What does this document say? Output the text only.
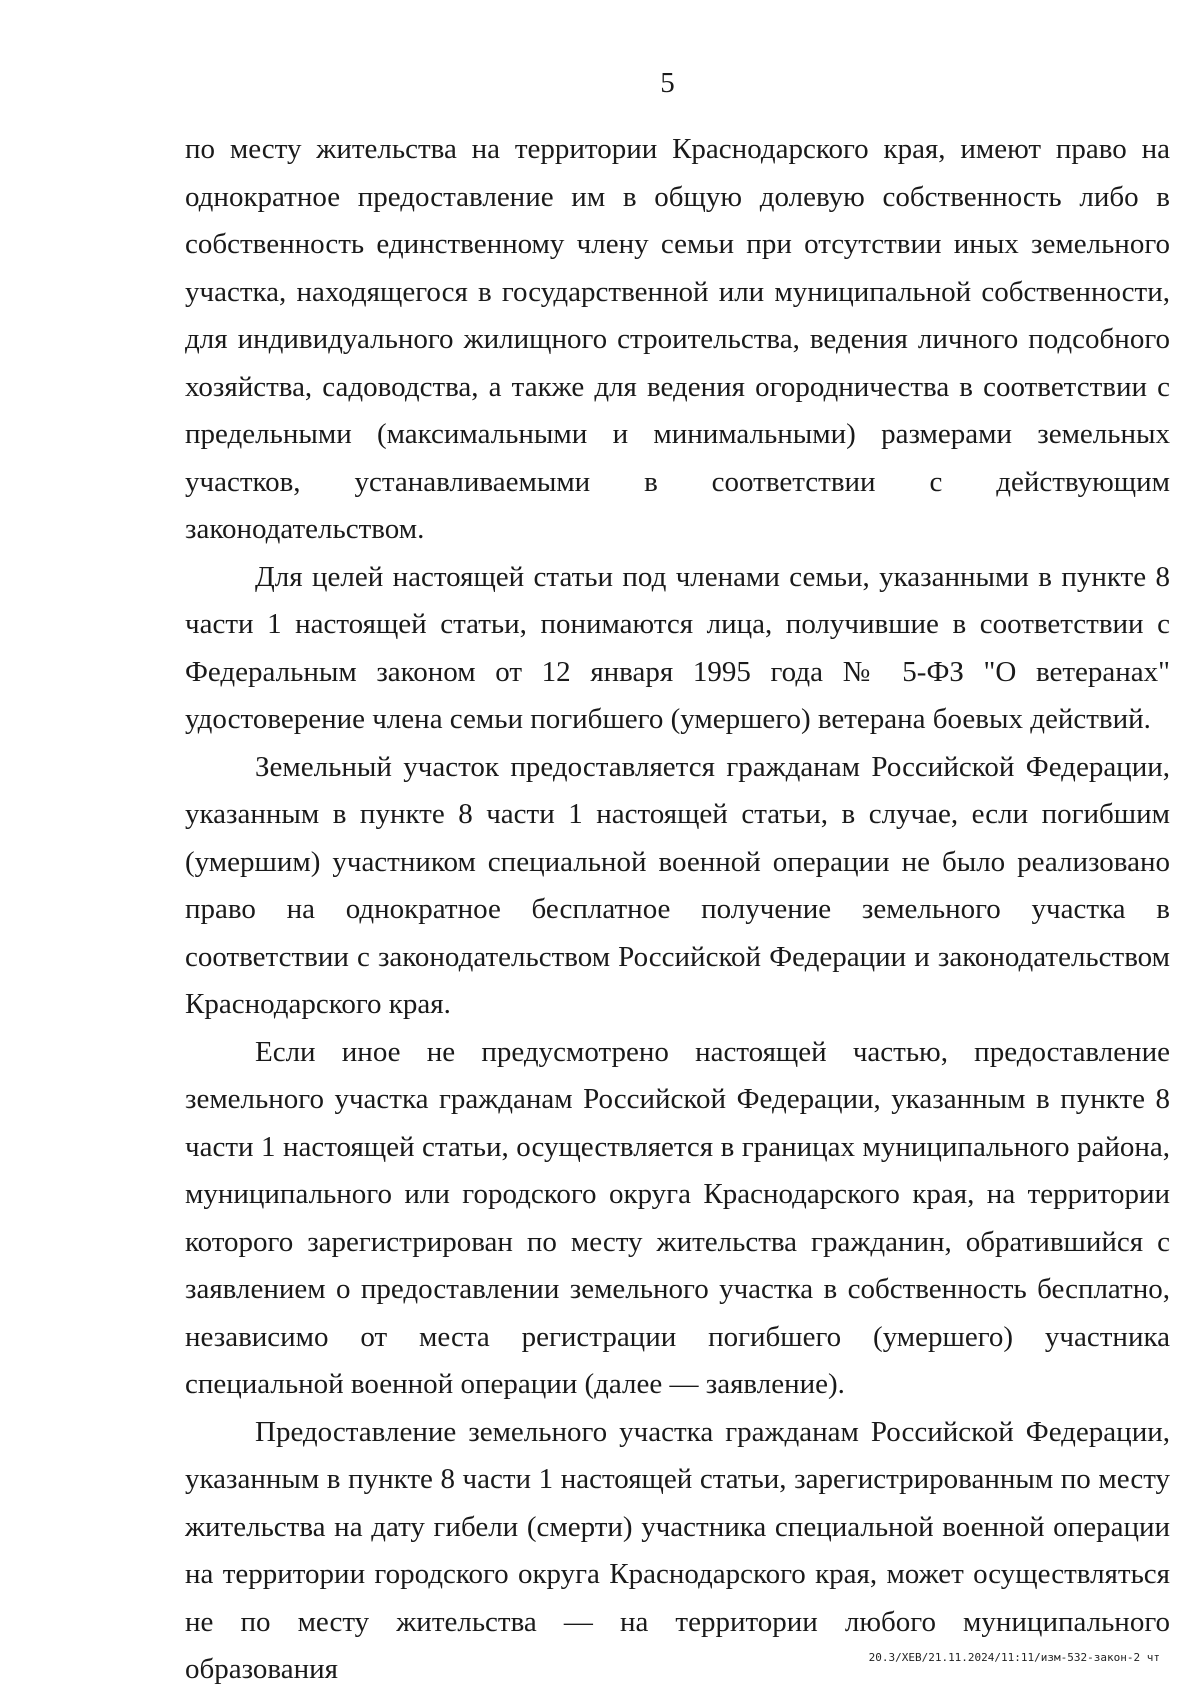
5

по месту жительства на территории Краснодарского края, имеют право на однократное предоставление им в общую долевую собственность либо в собственность единственному члену семьи при отсутствии иных земельного участка, находящегося в государственной или муниципальной собственности, для индивидуального жилищного строительства, ведения личного подсобного хозяйства, садоводства, а также для ведения огородничества в соответствии с предельными (максимальными и минимальными) размерами земельных участков, устанавливаемыми в соответствии с действующим законодательством.

Для целей настоящей статьи под членами семьи, указанными в пункте 8 части 1 настоящей статьи, понимаются лица, получившие в соответствии с Федеральным законом от 12 января 1995 года № 5-ФЗ "О ветеранах" удостоверение члена семьи погибшего (умершего) ветерана боевых действий.

Земельный участок предоставляется гражданам Российской Федерации, указанным в пункте 8 части 1 настоящей статьи, в случае, если погибшим (умершим) участником специальной военной операции не было реализовано право на однократное бесплатное получение земельного участка в соответствии с законодательством Российской Федерации и законодательством Краснодарского края.

Если иное не предусмотрено настоящей частью, предоставление земельного участка гражданам Российской Федерации, указанным в пункте 8 части 1 настоящей статьи, осуществляется в границах муниципального района, муниципального или городского округа Краснодарского края, на территории которого зарегистрирован по месту жительства гражданин, обратившийся с заявлением о предоставлении земельного участка в собственность бесплатно, независимо от места регистрации погибшего (умершего) участника специальной военной операции (далее — заявление).

Предоставление земельного участка гражданам Российской Федерации, указанным в пункте 8 части 1 настоящей статьи, зарегистрированным по месту жительства на дату гибели (смерти) участника специальной военной операции на территории городского округа Краснодарского края, может осуществляться не по месту жительства — на территории любого муниципального образования	20.3/ХЕВ/21.11.2024/11:11/изм-532-закон-2 чт
